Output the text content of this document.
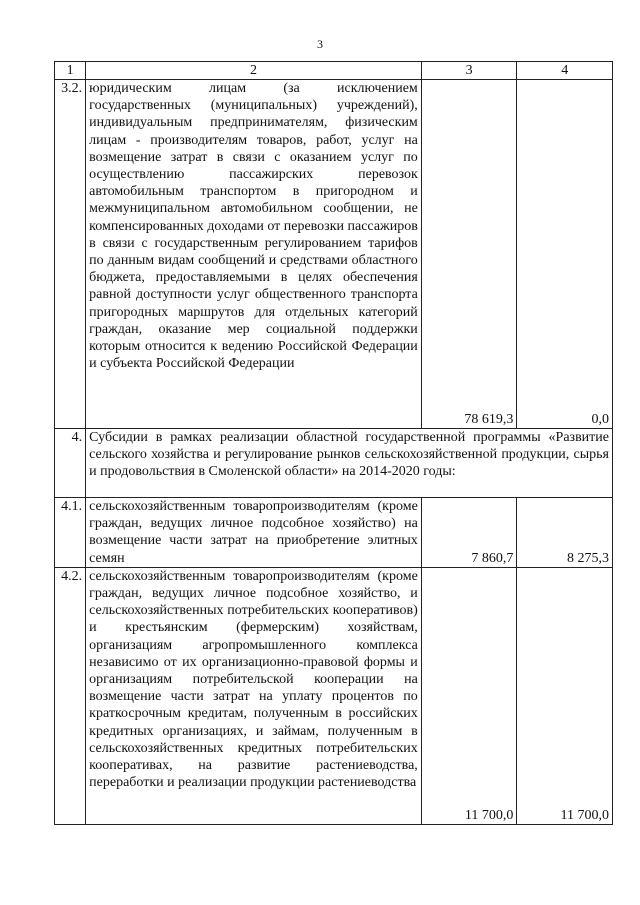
3
1	2	3	4
3.2.	юридическим лицам (за исключением государственных (муниципальных) учреждений), индивидуальным предпринимателям, физическим лицам - производителям товаров, работ, услуг на возмещение затрат в связи с оказанием услуг по осуществлению пассажирских перевозок автомобильным транспортом в пригородном и межмуниципальном автомобильном сообщении, не компенсированных доходами от перевозки пассажиров в связи с государственным регулированием тарифов по данным видам сообщений и средствами областного бюджета, предоставляемыми в целях обеспечения равной доступности услуг общественного транспорта пригородных маршрутов для отдельных категорий граждан, оказание мер социальной поддержки которым относится к ведению Российской Федерации и субъекта Российской Федерации	78 619,3	0,0
4.	Субсидии в рамках реализации областной государственной программы «Развитие сельского хозяйства и регулирование рынков сельскохозяйственной продукции, сырья и продовольствия в Смоленской области» на 2014-2020 годы:		
4.1.	сельскохозяйственным товаропроизводителям (кроме граждан, ведущих личное подсобное хозяйство) на возмещение части затрат на приобретение элитных семян	7 860,7	8 275,3
4.2.	сельскохозяйственным товаропроизводителям (кроме граждан, ведущих личное подсобное хозяйство, и сельскохозяйственных потребительских кооперативов) и крестьянским (фермерским) хозяйствам, организациям агропромышленного комплекса независимо от их организационно-правовой формы и организациям потребительской кооперации на возмещение части затрат на уплату процентов по краткосрочным кредитам, полученным в российских кредитных организациях, и займам, полученным в сельскохозяйственных кредитных потребительских кооперативах, на развитие растениеводства, переработки и реализации продукции растениеводства	11 700,0	11 700,0
